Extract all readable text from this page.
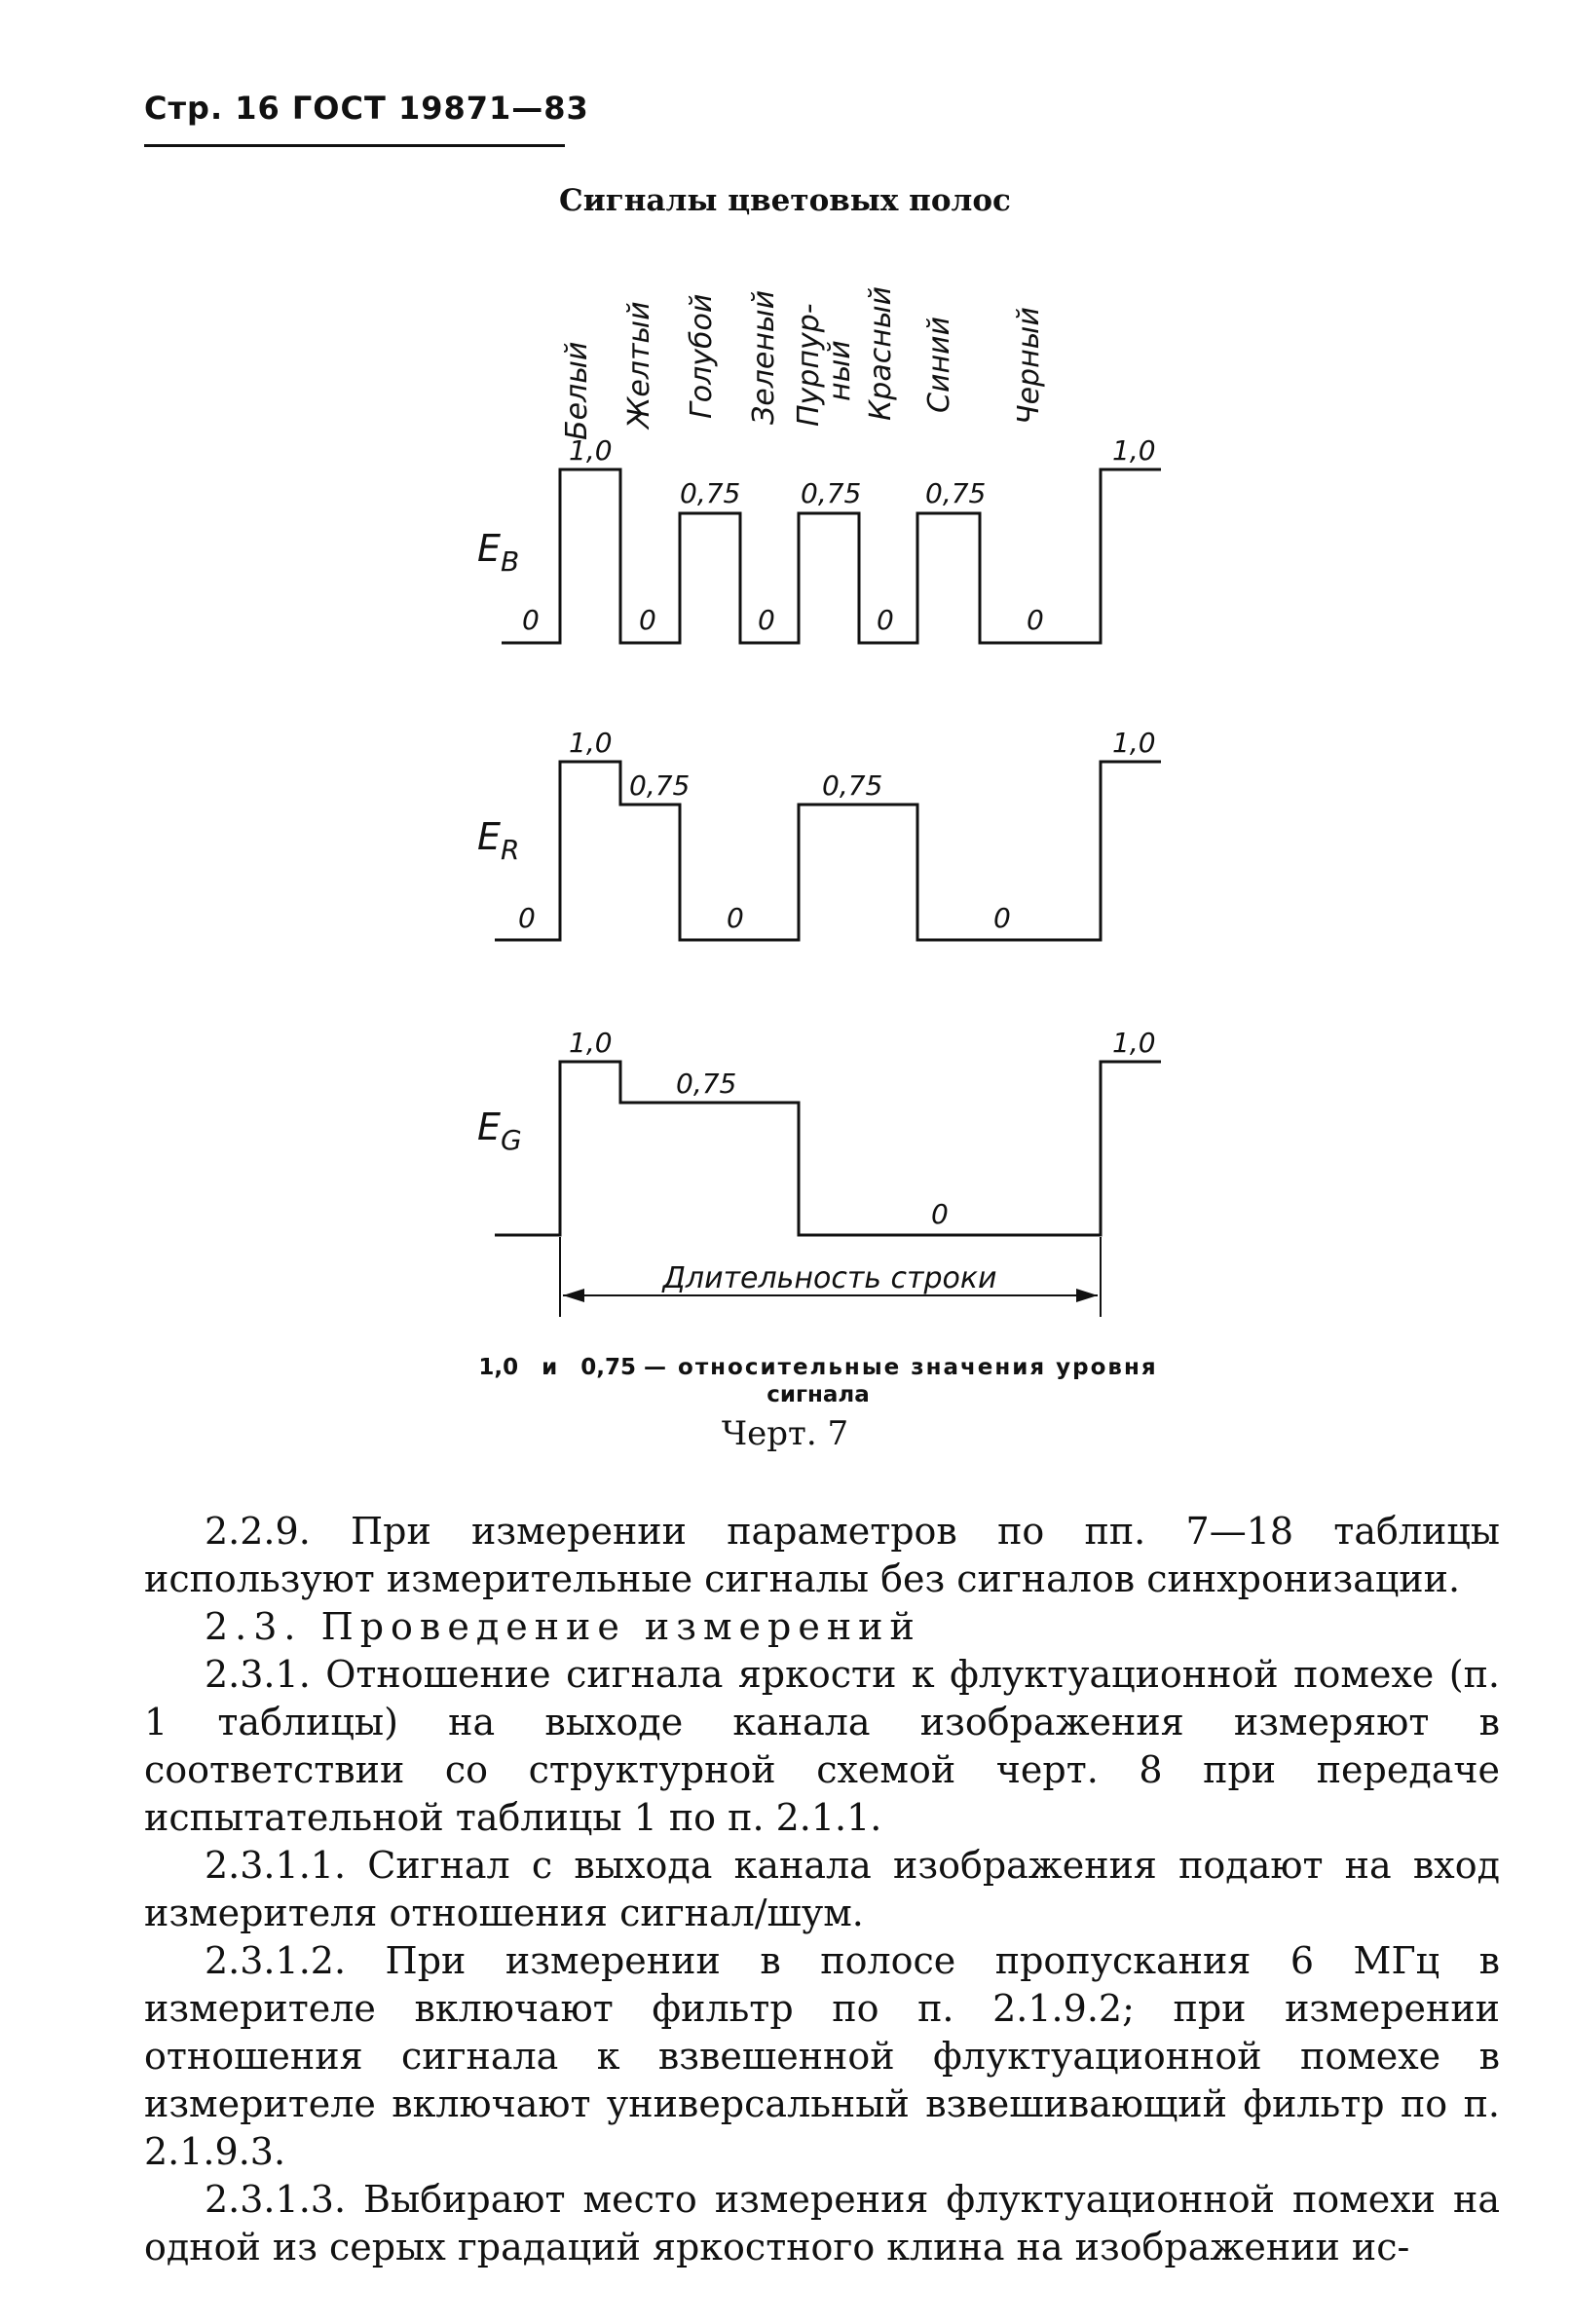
Стр. 16 ГОСТ 19871—83
Сигналы цветовых полос
Белый Желтый Голубой Зеленый Пурпур-
ный Красный Синий Черный
$E_B$
1,0
0,75 0,75 0,75
1,0
0	0	0	0	0
$E_R$
1,0
0,75	0,75
1,0
0	0	0
$E_G$
1,0
0,75
1,0
0
Длительность строки
1,0 и 0,75 — относительные значения уровня
сигнала
Черт. 7

2.2.9. При измерении параметров по пп. 7—18 таблицы используют измерительные сигналы без сигналов синхронизации.

2.3. Проведение измерений

2.3.1. Отношение сигнала яркости к флуктуационной помехе (п. 1 таблицы) на выходе канала изображения измеряют в соответствии со структурной схемой черт. 8 при передаче испытательной таблицы 1 по п. 2.1.1.

2.3.1.1. Сигнал с выхода канала изображения подают на вход измерителя отношения сигнал/шум.

2.3.1.2. При измерении в полосе пропускания 6 МГц в измерителе включают фильтр по п. 2.1.9.2; при измерении отношения сигнала к взвешенной флуктуационной помехе в измерителе включают универсальный взвешивающий фильтр по п. 2.1.9.3.

2.3.1.3. Выбирают место измерения флуктуационной помехи на одной из серых градаций яркостного клина на изображении ис-
